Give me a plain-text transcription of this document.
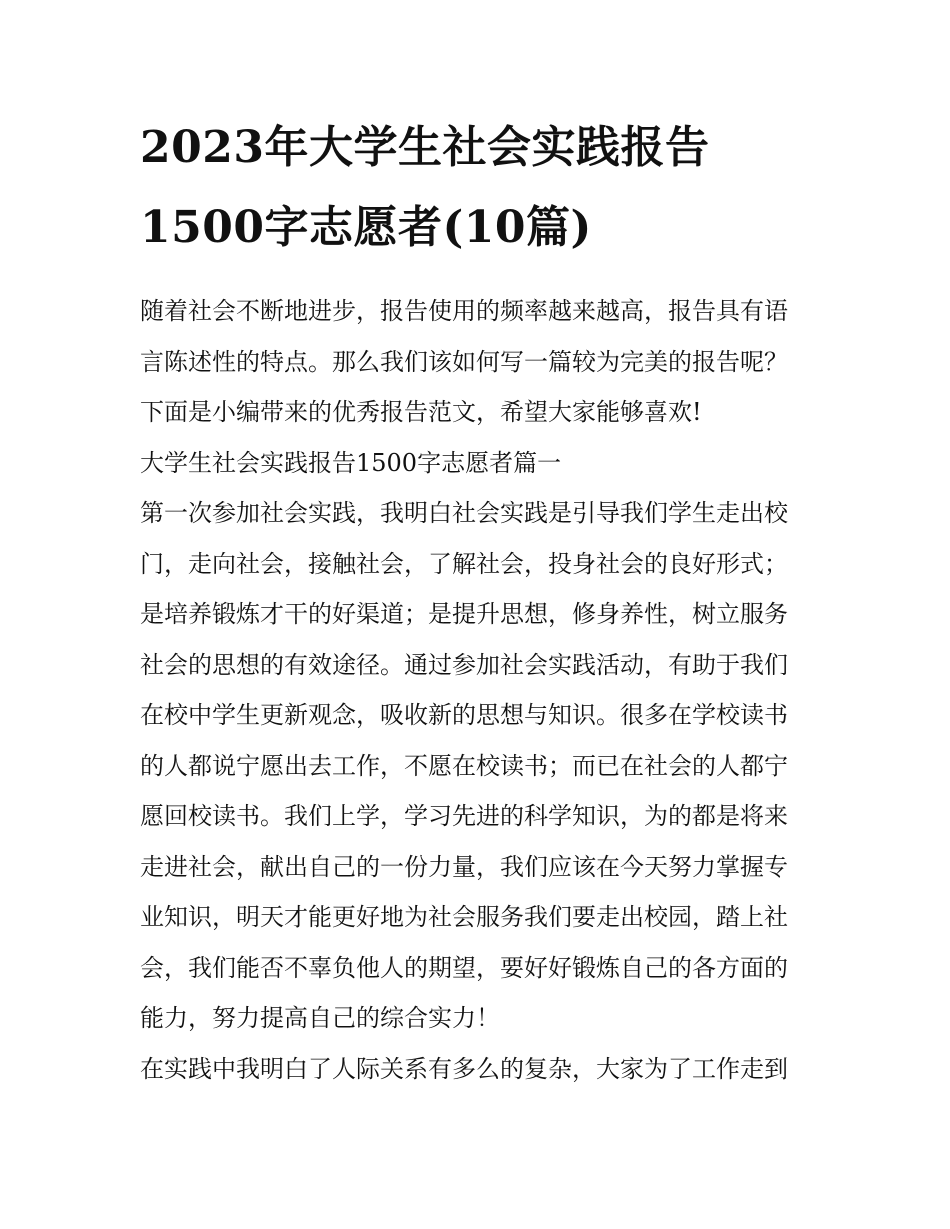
2023年大学生社会实践报告
1500字志愿者(10篇)

随着社会不断地进步，报告使用的频率越来越高，报告具有语

言陈述性的特点。那么我们该如何写一篇较为完美的报告呢？

下面是小编带来的优秀报告范文，希望大家能够喜欢!

大学生社会实践报告1500字志愿者篇一

第一次参加社会实践，我明白社会实践是引导我们学生走出校

门，走向社会，接触社会，了解社会，投身社会的良好形式；

是培养锻炼才干的好渠道；是提升思想，修身养性，树立服务

社会的思想的有效途径。通过参加社会实践活动，有助于我们

在校中学生更新观念，吸收新的思想与知识。很多在学校读书

的人都说宁愿出去工作，不愿在校读书；而已在社会的人都宁

愿回校读书。我们上学，学习先进的科学知识，为的都是将来

走进社会，献出自己的一份力量，我们应该在今天努力掌握专

业知识，明天才能更好地为社会服务我们要走出校园，踏上社

会，我们能否不辜负他人的期望，要好好锻炼自己的各方面的

能力，努力提高自己的综合实力！

在实践中我明白了人际关系有多么的复杂，大家为了工作走到
